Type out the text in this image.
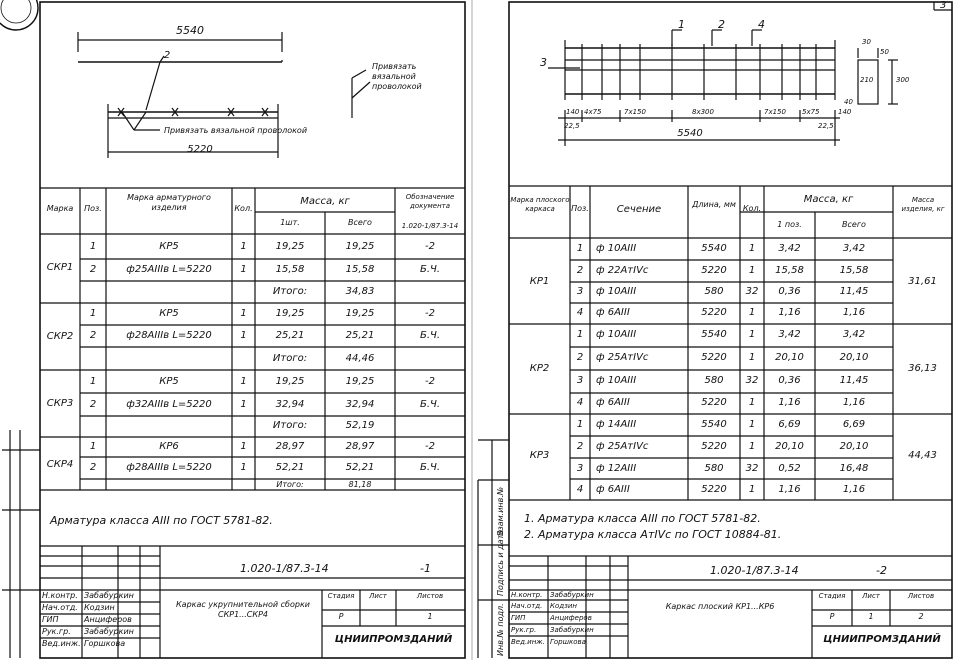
5540
2
Привязать вязальной проволокой
Привязать вязальной проволокой
5220
Марка	Поз.
Марка арматурного изделия	Кол.
Масса, кг
1шт.	Всего
Обозначение документа
1.020-1/87.3-14
СКР1
СКР2
СКР3
СКР4
1	КР5	1	19,25	19,25	-2
2	ф25АIIIв L=5220	1	15,58	15,58	Б.Ч.
Итого:	34,83
1	КР5	1	19,25	19,25	-2
2	ф28АIIIв L=5220	1	25,21	25,21	Б.Ч.
Итого:	44,46
1	КР5	1	19,25	19,25	-2
2	ф32АIIIв L=5220	1	32,94	32,94	Б.Ч.
Итого:	52,19
1	КР6	1	28,97	28,97	-2
2	ф28АIIIв L=5220	1	52,21	52,21	Б.Ч.
Итого:	81,18
Арматура класса АIII по ГОСТ 5781-82.
1.020-1/87.3-14	-1
Н.контр. Забабуркин
Нач.отд. Кодзин
ГИП	Анциферов
Рук.гр. Забабуркин
Вед.инж. Горшкова
Каркас укрупнительной сборки СКР1...СКР4
Стадия	Лист	Листов
Р	1
ЦНИИПРОМЗДАНИЙ
3
3
1	2	4
140 4х75	7х150	8х300	7х150 5х75	140
22,5	22,5
5540
30
300
40
210
50
Марка плоского каркаса	Поз.	Сечение	Длина, мм Кол.
Масса, кг
1 поз.	Всего
Масса изделия, кг
КР1	31,61
КР2	36,13
КР3	44,43
1	ф 10АIII	5540	1	3,42	3,42
2	ф 22АтIVс	5220	1	15,58	15,58
3	ф 10АIII	580	32	0,36	11,45
4	ф 6АIII	5220	1	1,16	1,16
1	ф 10АIII	5540	1	3,42	3,42
2	ф 25АтIVс	5220	1	20,10	20,10
3	ф 10АIII	580	32	0,36	11,45
4	ф 6АIII	5220	1	1,16	1,16
1	ф 14АIII	5540	1	6,69	6,69
2	ф 25АтIVс	5220	1	20,10	20,10
3	ф 12АIII	580	32	0,52	16,48
4	ф 6АIII	5220	1	1,16	1,16
1. Арматура класса АIII по ГОСТ 5781-82.
2. Арматура класса АтIVс по ГОСТ 10884-81.
1.020-1/87.3-14	-2
Н.контр. Забабуркин
Нач.отд. Кодзин
ГИП	Анциферов
Рук.гр. Забабуркин
Вед.инж. Горшкова
Каркас плоский КР1...КР6
Стадия	Лист	Листов
Р	1	2
ЦНИИПРОМЗДАНИЙ
Инв.№ подл.
Подпись и дата
Взам.инв.№
